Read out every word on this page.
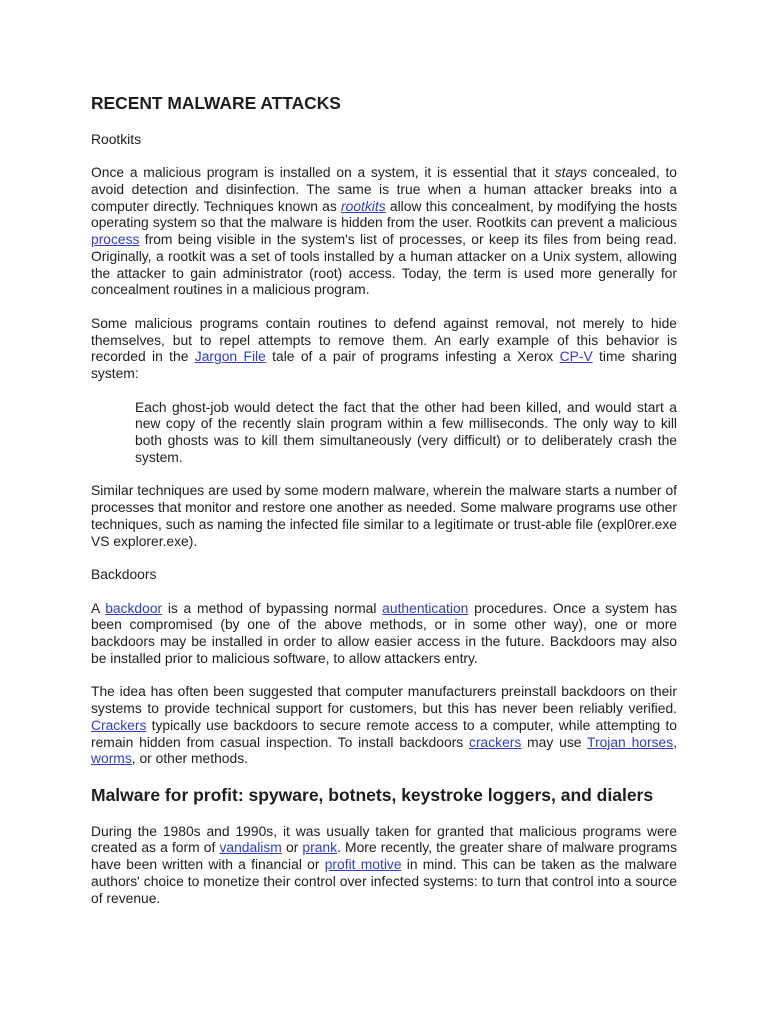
RECENT MALWARE ATTACKS

Rootkits

Once a malicious program is installed on a system, it is essential that it stays concealed, to avoid detection and disinfection. The same is true when a human attacker breaks into a computer directly. Techniques known as rootkits allow this concealment, by modifying the hosts operating system so that the malware is hidden from the user. Rootkits can prevent a malicious process from being visible in the system's list of processes, or keep its files from being read. Originally, a rootkit was a set of tools installed by a human attacker on a Unix system, allowing the attacker to gain administrator (root) access. Today, the term is used more generally for concealment routines in a malicious program.

Some malicious programs contain routines to defend against removal, not merely to hide themselves, but to repel attempts to remove them. An early example of this behavior is recorded in the Jargon File tale of a pair of programs infesting a Xerox CP-V time sharing system:

Each ghost-job would detect the fact that the other had been killed, and would start a new copy of the recently slain program within a few milliseconds. The only way to kill both ghosts was to kill them simultaneously (very difficult) or to deliberately crash the system.

Similar techniques are used by some modern malware, wherein the malware starts a number of processes that monitor and restore one another as needed. Some malware programs use other techniques, such as naming the infected file similar to a legitimate or trust-able file (expl0rer.exe VS explorer.exe).

Backdoors

A backdoor is a method of bypassing normal authentication procedures. Once a system has been compromised (by one of the above methods, or in some other way), one or more backdoors may be installed in order to allow easier access in the future. Backdoors may also be installed prior to malicious software, to allow attackers entry.

The idea has often been suggested that computer manufacturers preinstall backdoors on their systems to provide technical support for customers, but this has never been reliably verified. Crackers typically use backdoors to secure remote access to a computer, while attempting to remain hidden from casual inspection. To install backdoors crackers may use Trojan horses, worms, or other methods.

Malware for profit: spyware, botnets, keystroke loggers, and dialers

During the 1980s and 1990s, it was usually taken for granted that malicious programs were created as a form of vandalism or prank. More recently, the greater share of malware programs have been written with a financial or profit motive in mind. This can be taken as the malware authors' choice to monetize their control over infected systems: to turn that control into a source of revenue.
